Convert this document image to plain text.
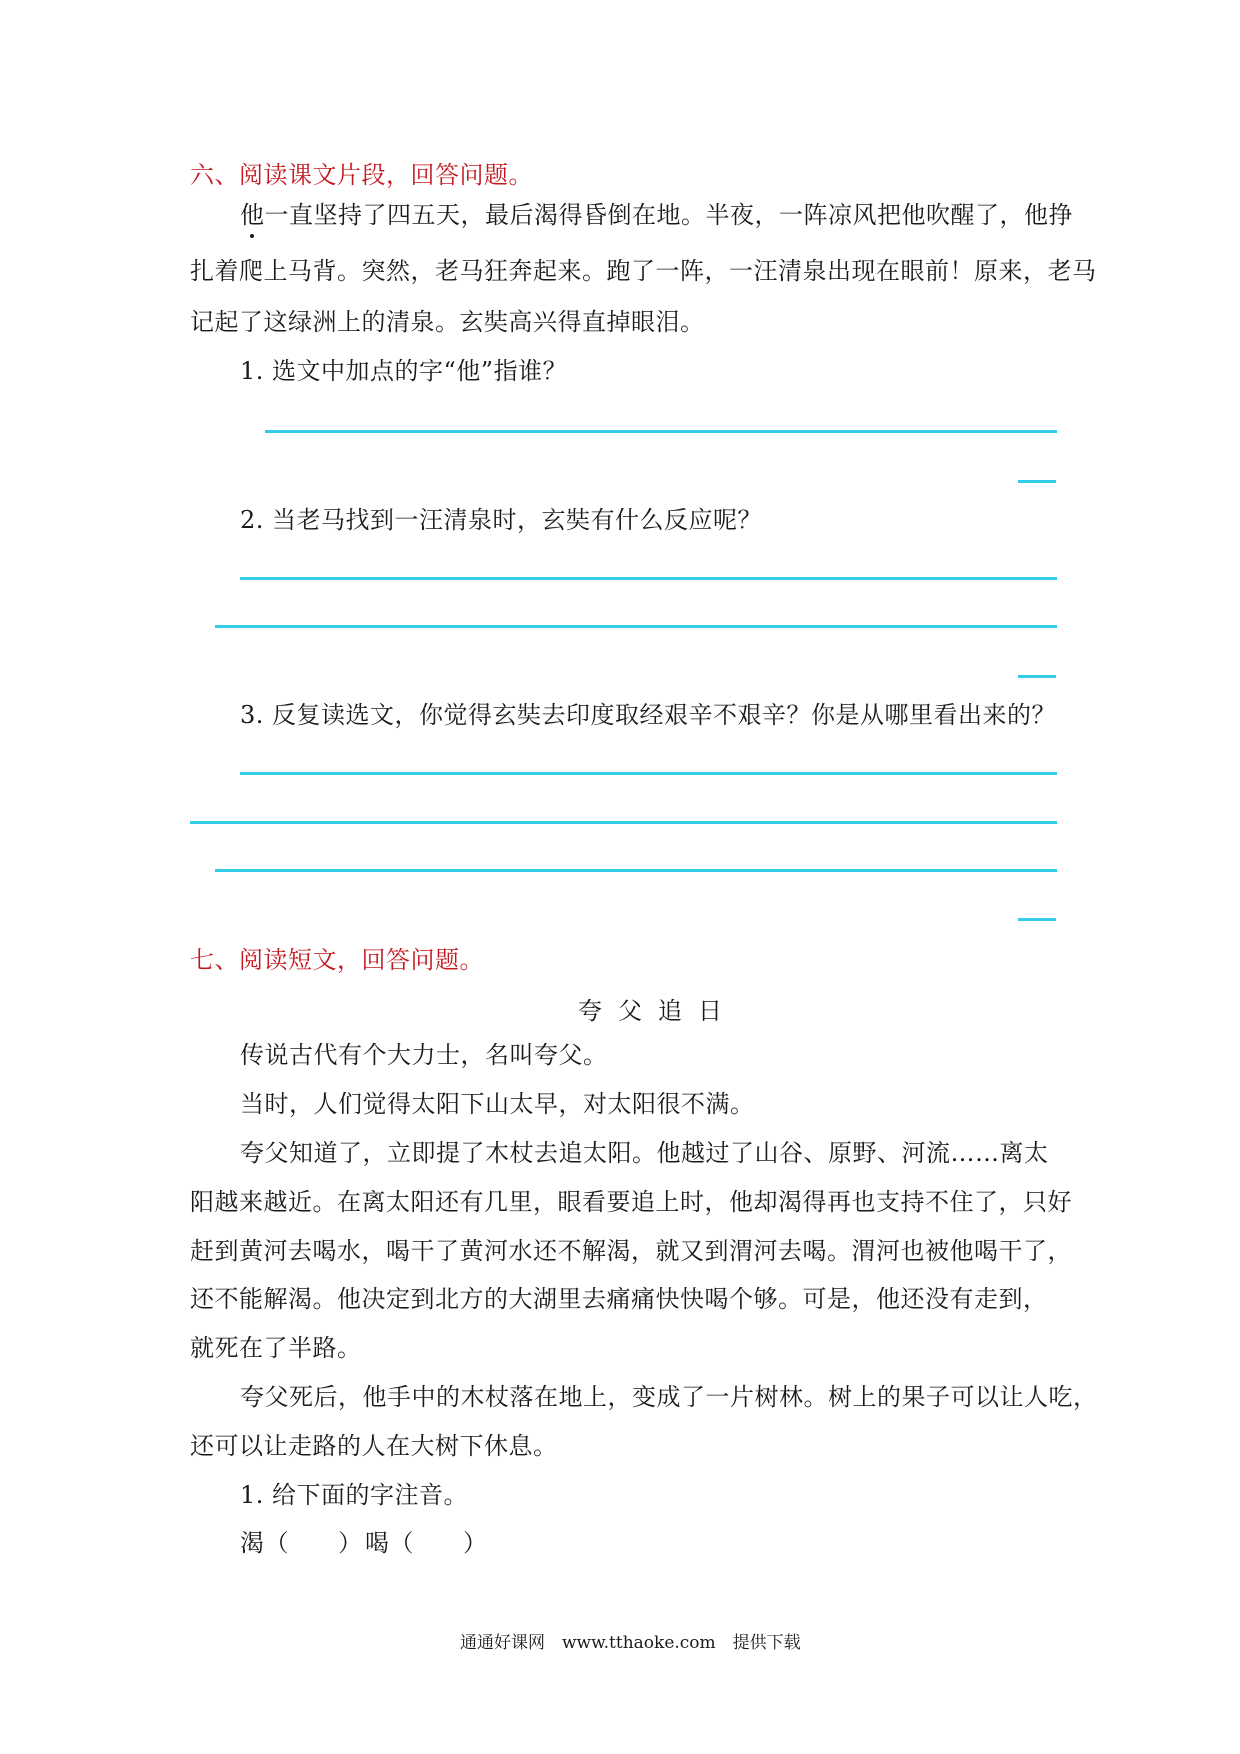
六、阅读课文片段，回答问题。
他一直坚持了四五天，最后渴得昏倒在地。半夜，一阵凉风把他吹醒了，他挣
扎着爬上马背。突然，老马狂奔起来。跑了一阵，一汪清泉出现在眼前！原来，老马
记起了这绿洲上的清泉。玄奘高兴得直掉眼泪。
1. 选文中加点的字“他”指谁？
2. 当老马找到一汪清泉时，玄奘有什么反应呢？
3. 反复读选文，你觉得玄奘去印度取经艰辛不艰辛？你是从哪里看出来的？
七、阅读短文，回答问题。
夸父追日
传说古代有个大力士，名叫夸父。
当时，人们觉得太阳下山太早，对太阳很不满。
夸父知道了，立即提了木杖去追太阳。他越过了山谷、原野、河流……离太
阳越来越近。在离太阳还有几里，眼看要追上时，他却渴得再也支持不住了，只好
赶到黄河去喝水，喝干了黄河水还不解渴，就又到渭河去喝。渭河也被他喝干了，
还不能解渴。他决定到北方的大湖里去痛痛快快喝个够。可是，他还没有走到，
就死在了半路。
夸父死后，他手中的木杖落在地上，变成了一片树林。树上的果子可以让人吃，
还可以让走路的人在大树下休息。
1. 给下面的字注音。
渴（　　） 喝（　　）
通通好课网　www.tthaoke.com　提供下载
